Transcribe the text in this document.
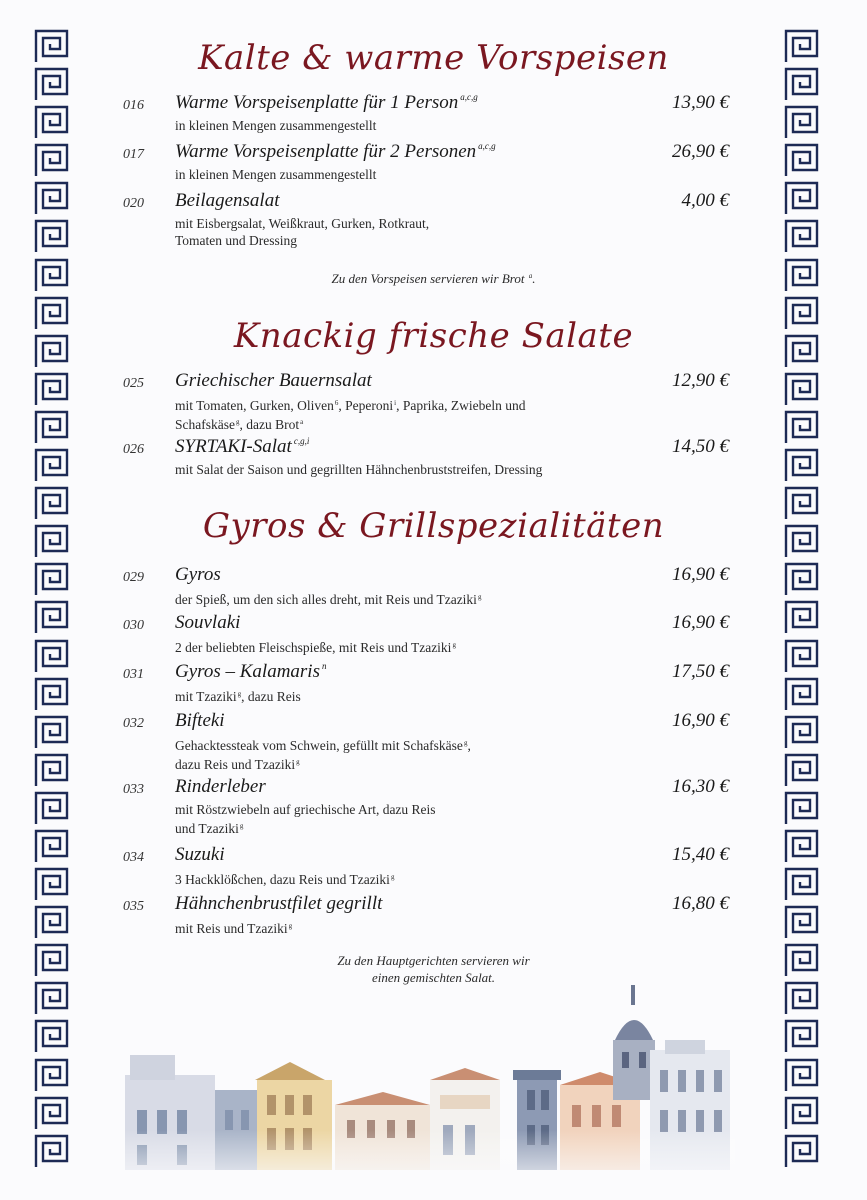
Kalte & warme Vorspeisen
016 Warme Vorspeisenplatte für 1 Person $^{a,c,g}$	13,90 €
in kleinen Mengen zusammengestellt
017 Warme Vorspeisenplatte für 2 Personen $^{a,c,g}$	26,90 €
in kleinen Mengen zusammengestellt
020 Beilagensalat	4,00 €
mit Eisbergsalat, Weißkraut, Gurken, Rotkraut,
Tomaten und Dressing
Zu den Vorspeisen servieren wir Brot $^a$.
Knackig frische Salate
025 Griechischer Bauernsalat	12,90 €
mit Tomaten, Gurken, Oliven$^6$, Peperoni$^i$, Paprika, Zwiebeln und
Schafskäse$^g$, dazu Brot$^a$
026 SYRTAKI-Salat $^{c,g,i}$	14,50 €
mit Salat der Saison und gegrillten Hähnchenbruststreifen, Dressing
Gyros & Grillspezialitäten
029 Gyros	16,90 €
der Spieß, um den sich alles dreht, mit Reis und Tzaziki$^g$
030 Souvlaki	16,90 €
2 der beliebten Fleischspieße, mit Reis und Tzaziki$^g$
031 Gyros – Kalamaris $^n$	17,50 €
mit Tzaziki$^g$, dazu Reis
032 Bifteki	16,90 €
Gehacktessteak vom Schwein, gefüllt mit Schafskäse$^g$,
dazu Reis und Tzaziki$^g$
033 Rinderleber	16,30 €
mit Röstzwiebeln auf griechische Art, dazu Reis
und Tzaziki$^g$
034 Suzuki	15,40 €
3 Hackklößchen, dazu Reis und Tzaziki$^g$
035 Hähnchenbrustfilet gegrillt	16,80 €
mit Reis und Tzaziki$^g$
Zu den Hauptgerichten servieren wir
einen gemischten Salat.
